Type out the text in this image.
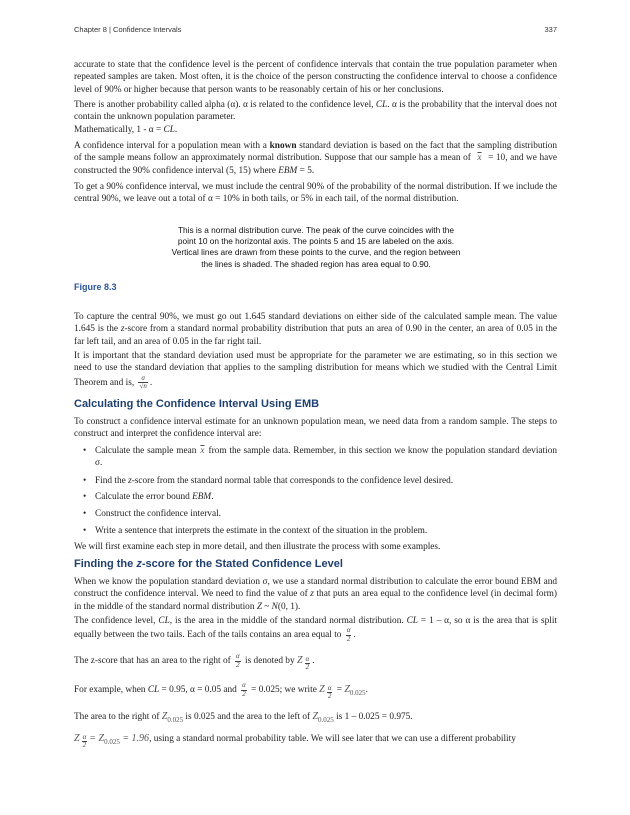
Chapter 8 | Confidence Intervals	337

accurate to state that the confidence level is the percent of confidence intervals that contain the true population parameter when repeated samples are taken. Most often, it is the choice of the person constructing the confidence interval to choose a confidence level of 90% or higher because that person wants to be reasonably certain of his or her conclusions.

There is another probability called alpha (α). α is related to the confidence level, CL. α is the probability that the interval does not contain the unknown population parameter.
Mathematically, 1 - α = CL.

A confidence interval for a population mean with a known standard deviation is based on the fact that the sampling distribution of the sample means follow an approximately normal distribution. Suppose that our sample has a mean of $\overline{x} = 10$, and we have constructed the 90% confidence interval (5, 15) where EBM = 5.

To get a 90% confidence interval, we must include the central 90% of the probability of the normal distribution. If we include the central 90%, we leave out a total of α = 10% in both tails, or 5% in each tail, of the normal distribution.

This is a normal distribution curve. The peak of the curve coincides with the point 10 on the horizontal axis. The points 5 and 15 are labeled on the axis. Vertical lines are drawn from these points to the curve, and the region between the lines is shaded. The shaded region has area equal to 0.90.
Figure 8.3

To capture the central 90%, we must go out 1.645 standard deviations on either side of the calculated sample mean. The value 1.645 is the z-score from a standard normal probability distribution that puts an area of 0.90 in the center, an area of 0.05 in the far left tail, and an area of 0.05 in the far right tail.

It is important that the standard deviation used must be appropriate for the parameter we are estimating, so in this section we need to use the standard deviation that applies to the sampling distribution for means which we studied with the Central Limit Theorem and is, $\frac{\sigma}{√n}$ .

Calculating the Confidence Interval Using EMB

To construct a confidence interval estimate for an unknown population mean, we need data from a random sample. The steps to construct and interpret the confidence interval are:

• Calculate the sample mean $\overline{x}$ from the sample data. Remember, in this section we know the population standard deviation σ.
• Find the z-score from the standard normal table that corresponds to the confidence level desired.
• Calculate the error bound EBM.
• Construct the confidence interval.
• Write a sentence that interprets the estimate in the context of the situation in the problem.

We will first examine each step in more detail, and then illustrate the process with some examples.

Finding the z-score for the Stated Confidence Level

When we know the population standard deviation σ, we use a standard normal distribution to calculate the error bound EBM and construct the confidence interval. We need to find the value of z that puts an area equal to the confidence level (in decimal form) in the middle of the standard normal distribution Z ~ N(0, 1).

The confidence level, CL, is the area in the middle of the standard normal distribution. CL = 1 – α, so α is the area that is split equally between the two tails. Each of the tails contains an area equal to $\frac{\alpha}{2}$ .

The z-score that has an area to the right of $\frac{\alpha}{2}$ is denoted by Z $\frac{\alpha}{2}$ .

For example, when CL = 0.95, α = 0.05 and $\frac{\alpha}{2} = 0.025$; we write Z $\frac{\alpha}{2} = Z_{0.025}$.

The area to the right of $Z_{0.025}$ is 0.025 and the area to the left of $Z_{0.025}$ is 1 – 0.025 = 0.975.

Z $\frac{\alpha}{2} = Z_{0.025} = 1.96$, using a standard normal probability table. We will see later that we can use a different probability
